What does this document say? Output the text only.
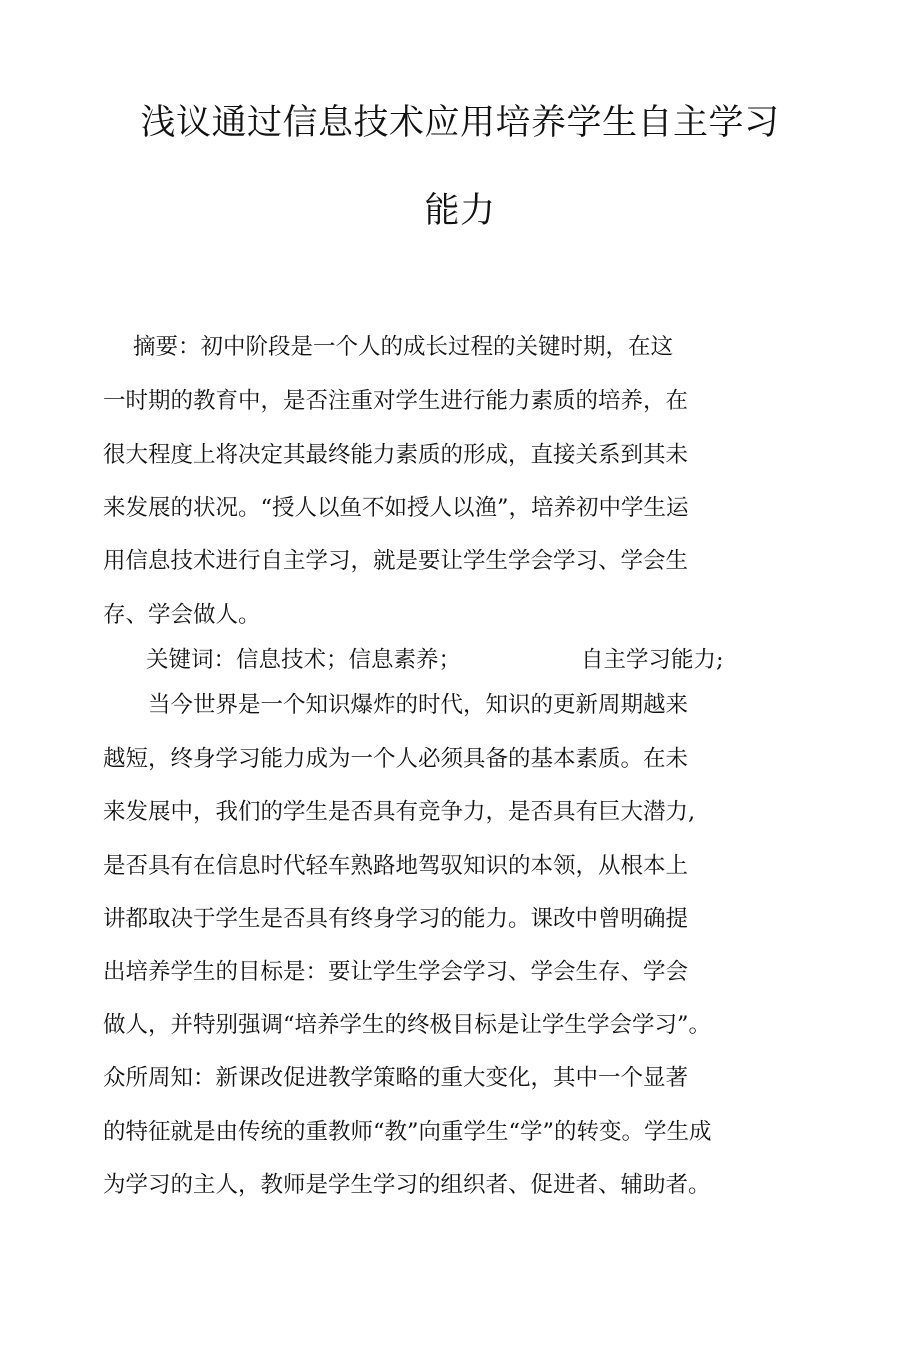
浅议通过信息技术应用培养学生自主学习
能力
摘要：初中阶段是一个人的成长过程的关键时期，在这
一时期的教育中，是否注重对学生进行能力素质的培养，在
很大程度上将决定其最终能力素质的形成，直接关系到其未
来发展的状况。“授人以鱼不如授人以渔”，培养初中学生运
用信息技术进行自主学习，就是要让学生学会学习、学会生
存、学会做人。
关键词：信息技术；信息素养；	自主学习能力;
当今世界是一个知识爆炸的时代，知识的更新周期越来
越短，终身学习能力成为一个人必须具备的基本素质。在未
来发展中，我们的学生是否具有竞争力，是否具有巨大潜力,
是否具有在信息时代轻车熟路地驾驭知识的本领，从根本上
讲都取决于学生是否具有终身学习的能力。课改中曾明确提
出培养学生的目标是：要让学生学会学习、学会生存、学会
做人，并特别强调“培养学生的终极目标是让学生学会学习”。
众所周知：新课改促进教学策略的重大变化，其中一个显著
的特征就是由传统的重教师“教”向重学生“学”的转变。学生成
为学习的主人，教师是学生学习的组织者、促进者、辅助者。
